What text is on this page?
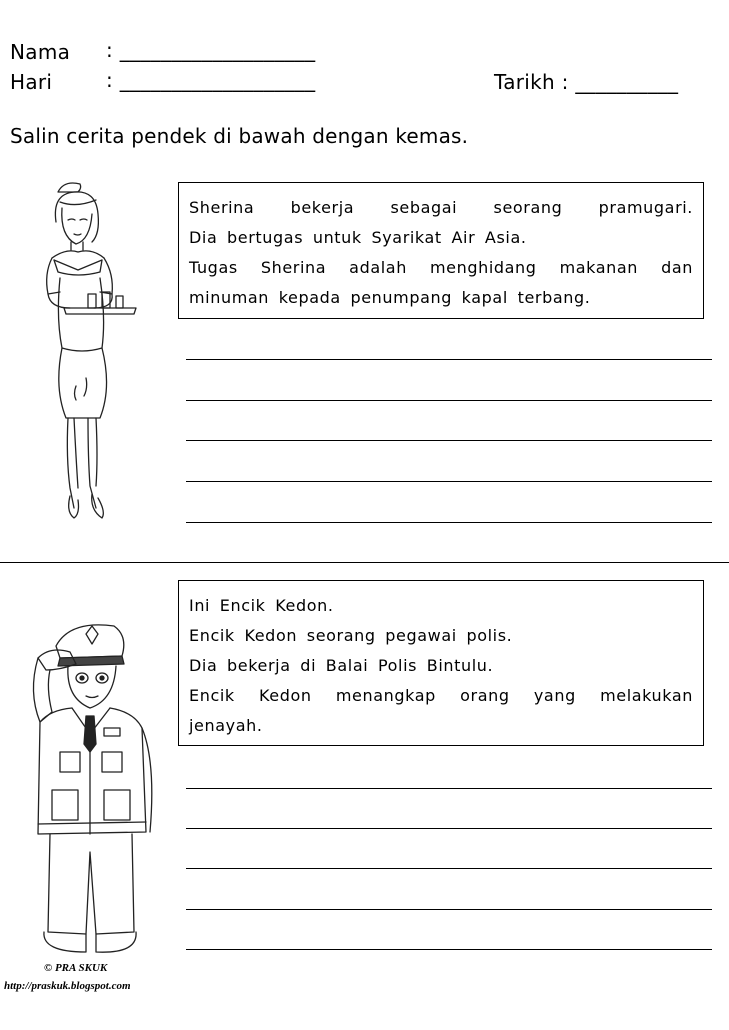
Nama : ___________________
Hari	: ___________________	Tarikh : __________
Salin cerita pendek di bawah dengan kemas.
Sherina bekerja sebagai seorang pramugari.
Dia bertugas untuk Syarikat Air Asia.
Tugas Sherina adalah menghidang makanan dan
minuman kepada penumpang kapal terbang.
Ini Encik Kedon.
Encik Kedon seorang pegawai polis.
Dia bekerja di Balai Polis Bintulu.
Encik Kedon menangkap orang yang melakukan
jenayah.
© PRA SKUK
http://praskuk.blogspot.com
